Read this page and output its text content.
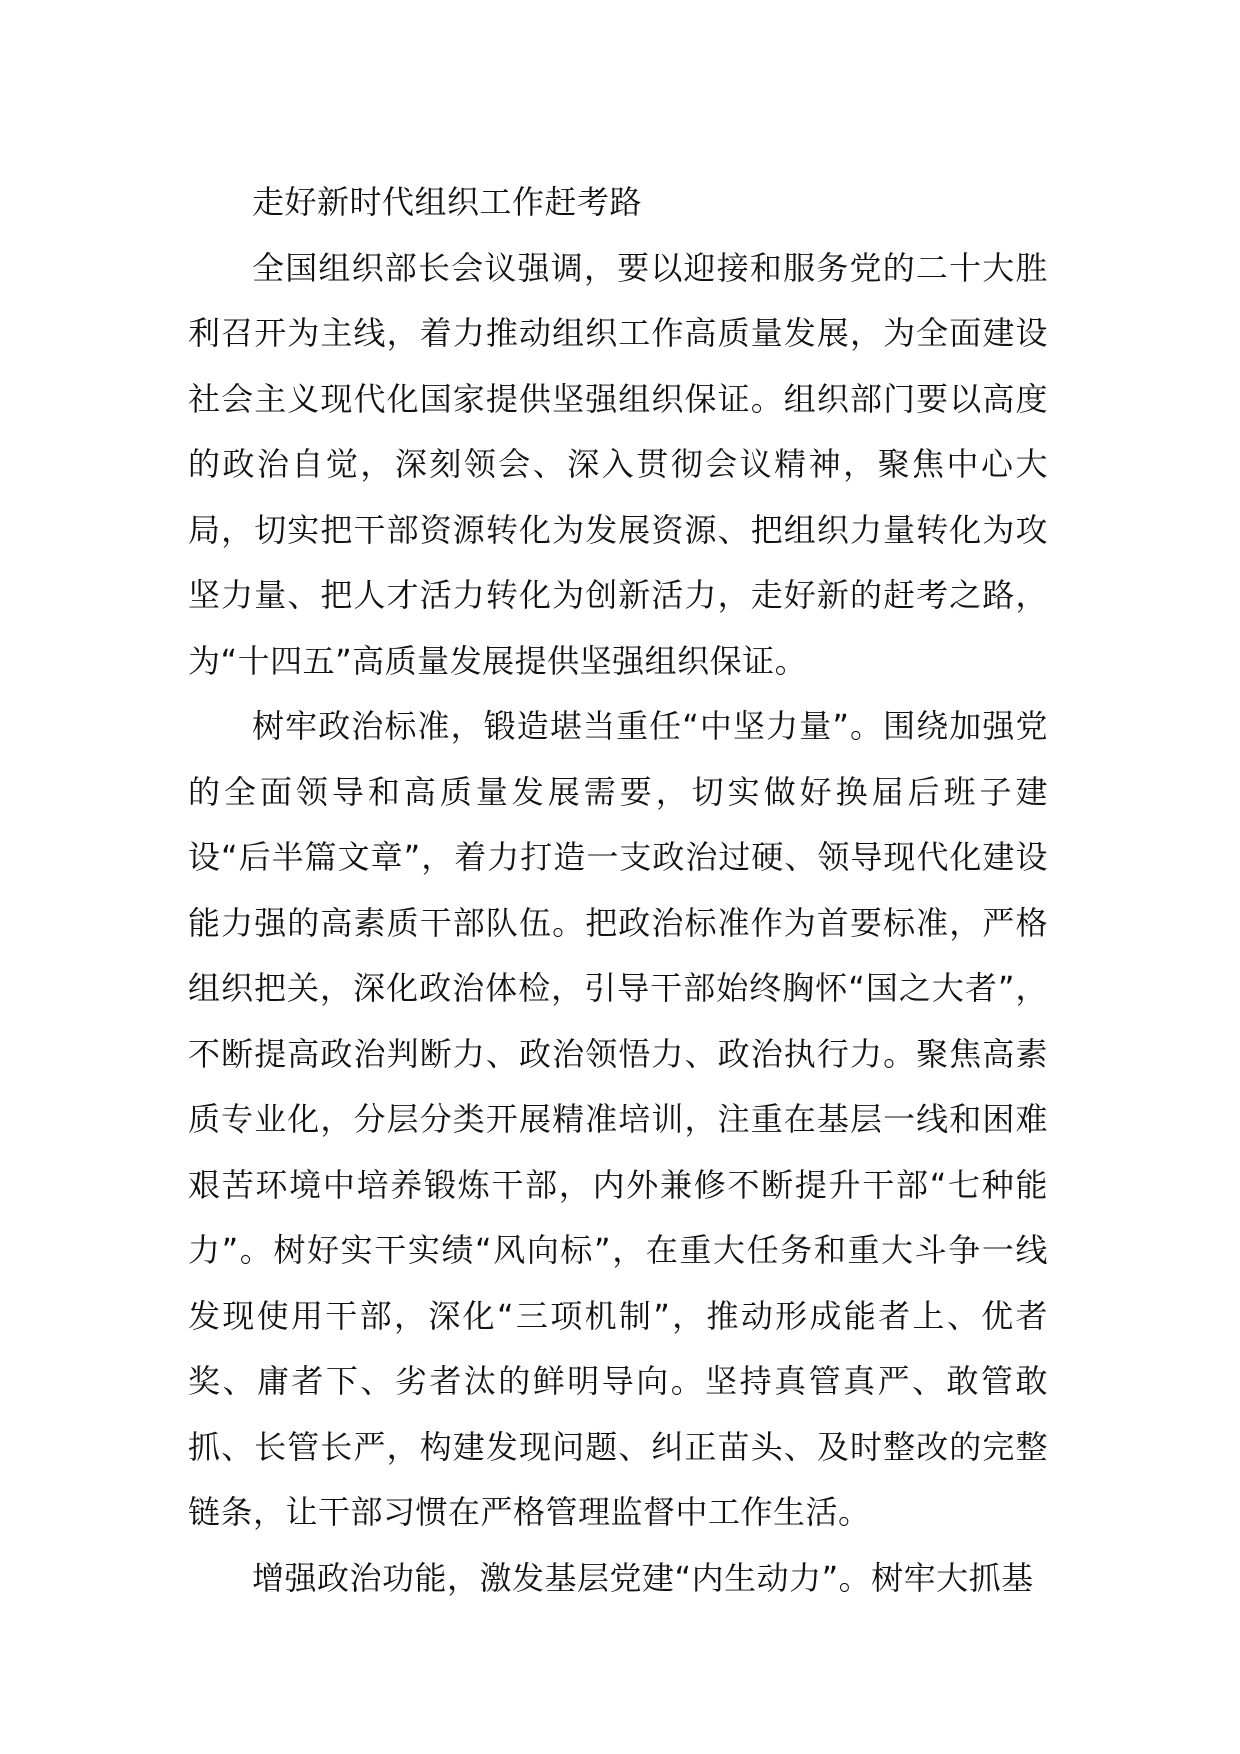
走好新时代组织工作赶考路

全国组织部长会议强调，要以迎接和服务党的二十大胜利召开为主线，着力推动组织工作高质量发展，为全面建设社会主义现代化国家提供坚强组织保证。组织部门要以高度的政治自觉，深刻领会、深入贯彻会议精神，聚焦中心大局，切实把干部资源转化为发展资源、把组织力量转化为攻坚力量、把人才活力转化为创新活力，走好新的赶考之路，为“十四五”高质量发展提供坚强组织保证。

树牢政治标准，锻造堪当重任“中坚力量”。围绕加强党的全面领导和高质量发展需要，切实做好换届后班子建设“后半篇文章”，着力打造一支政治过硬、领导现代化建设能力强的高素质干部队伍。把政治标准作为首要标准，严格组织把关，深化政治体检，引导干部始终胸怀“国之大者”，不断提高政治判断力、政治领悟力、政治执行力。聚焦高素质专业化，分层分类开展精准培训，注重在基层一线和困难艰苦环境中培养锻炼干部，内外兼修不断提升干部“七种能力”。树好实干实绩“风向标”，在重大任务和重大斗争一线发现使用干部，深化“三项机制”，推动形成能者上、优者奖、庸者下、劣者汰的鲜明导向。坚持真管真严、敢管敢抓、长管长严，构建发现问题、纠正苗头、及时整改的完整链条，让干部习惯在严格管理监督中工作生活。

增强政治功能，激发基层党建“内生动力”。树牢大抓基
